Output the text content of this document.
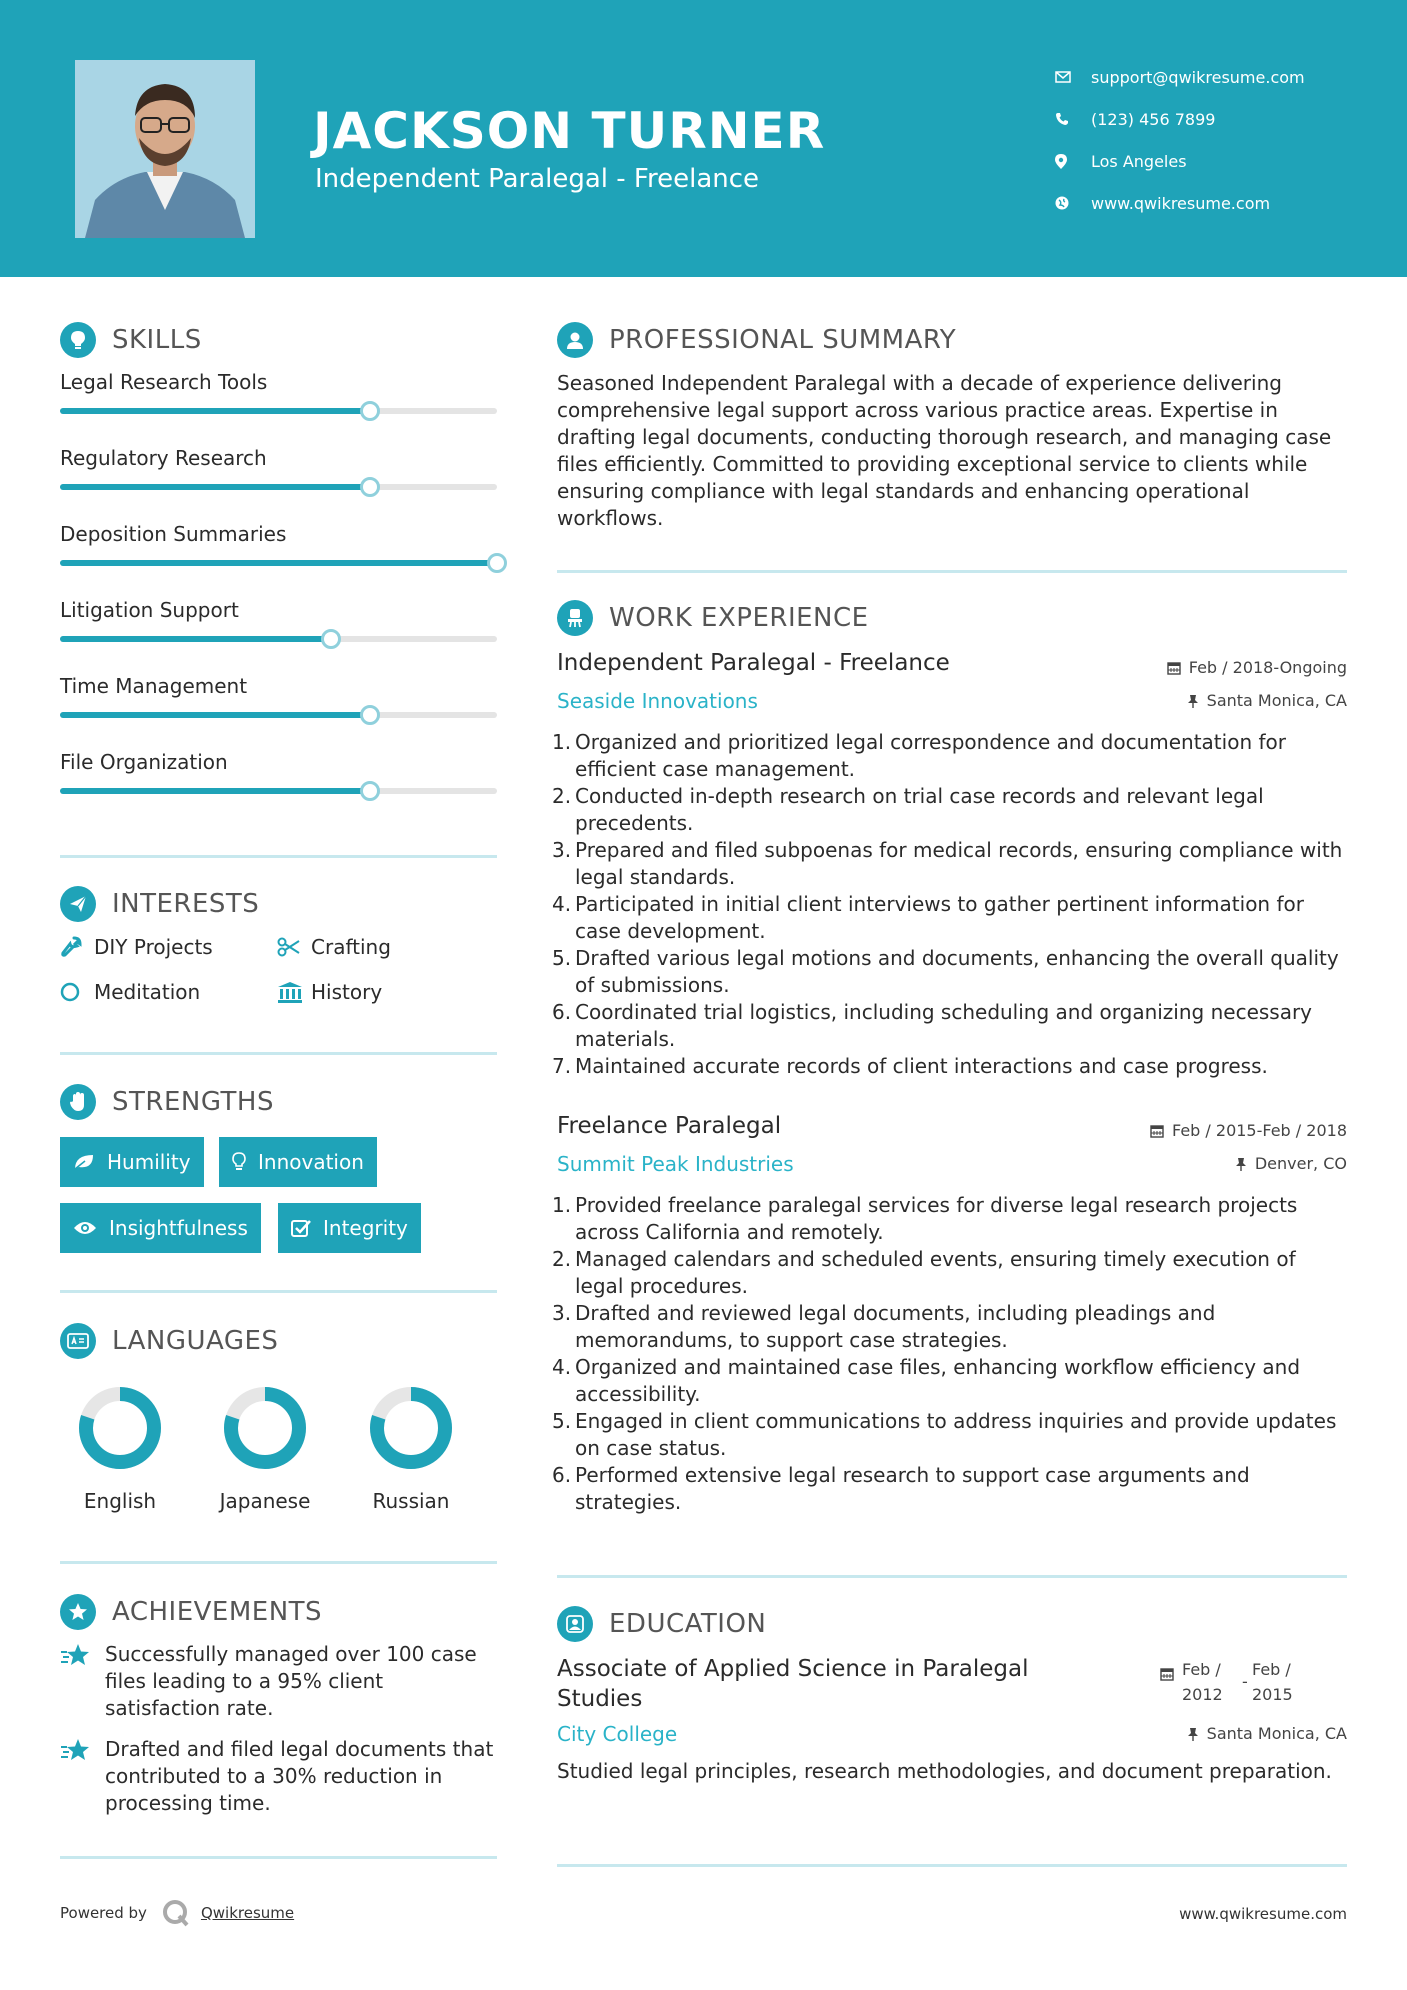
JACKSON TURNER
Independent Paralegal - Freelance
support@qwikresume.com
(123) 456 7899
Los Angeles
www.qwikresume.com
SKILLS
Legal Research Tools
Regulatory Research
Deposition Summaries
Litigation Support
Time Management
File Organization
INTERESTS
DIY Projects	Crafting
Meditation	History
STRENGTHS
Humility	Innovation
Insightfulness	Integrity
LANGUAGES
English	Japanese	Russian
ACHIEVEMENTS
Successfully managed over 100 case files leading to a 95% client satisfaction rate.
Drafted and filed legal documents that contributed to a 30% reduction in processing time.
PROFESSIONAL SUMMARY
Seasoned Independent Paralegal with a decade of experience delivering comprehensive legal support across various practice areas. Expertise in drafting legal documents, conducting thorough research, and managing case files efficiently. Committed to providing exceptional service to clients while ensuring compliance with legal standards and enhancing operational workflows.
WORK EXPERIENCE
Independent Paralegal - Freelance	Feb / 2018-Ongoing
Seaside Innovations	Santa Monica, CA
1. Organized and prioritized legal correspondence and documentation for efficient case management.
2. Conducted in-depth research on trial case records and relevant legal precedents.
3. Prepared and filed subpoenas for medical records, ensuring compliance with legal standards.
4. Participated in initial client interviews to gather pertinent information for case development.
5. Drafted various legal motions and documents, enhancing the overall quality of submissions.
6. Coordinated trial logistics, including scheduling and organizing necessary materials.
7. Maintained accurate records of client interactions and case progress.
Freelance Paralegal	Feb / 2015-Feb / 2018
Summit Peak Industries	Denver, CO
1. Provided freelance paralegal services for diverse legal research projects across California and remotely.
2. Managed calendars and scheduled events, ensuring timely execution of legal procedures.
3. Drafted and reviewed legal documents, including pleadings and memorandums, to support case strategies.
4. Organized and maintained case files, enhancing workflow efficiency and accessibility.
5. Engaged in client communications to address inquiries and provide updates on case status.
6. Performed extensive legal research to support case arguments and strategies.
EDUCATION
Associate of Applied Science in Paralegal Studies
Feb / 2012
-
Feb / 2015
City College	Santa Monica, CA
Studied legal principles, research methodologies, and document preparation.
Powered by	Qwikresume	www.qwikresume.com
